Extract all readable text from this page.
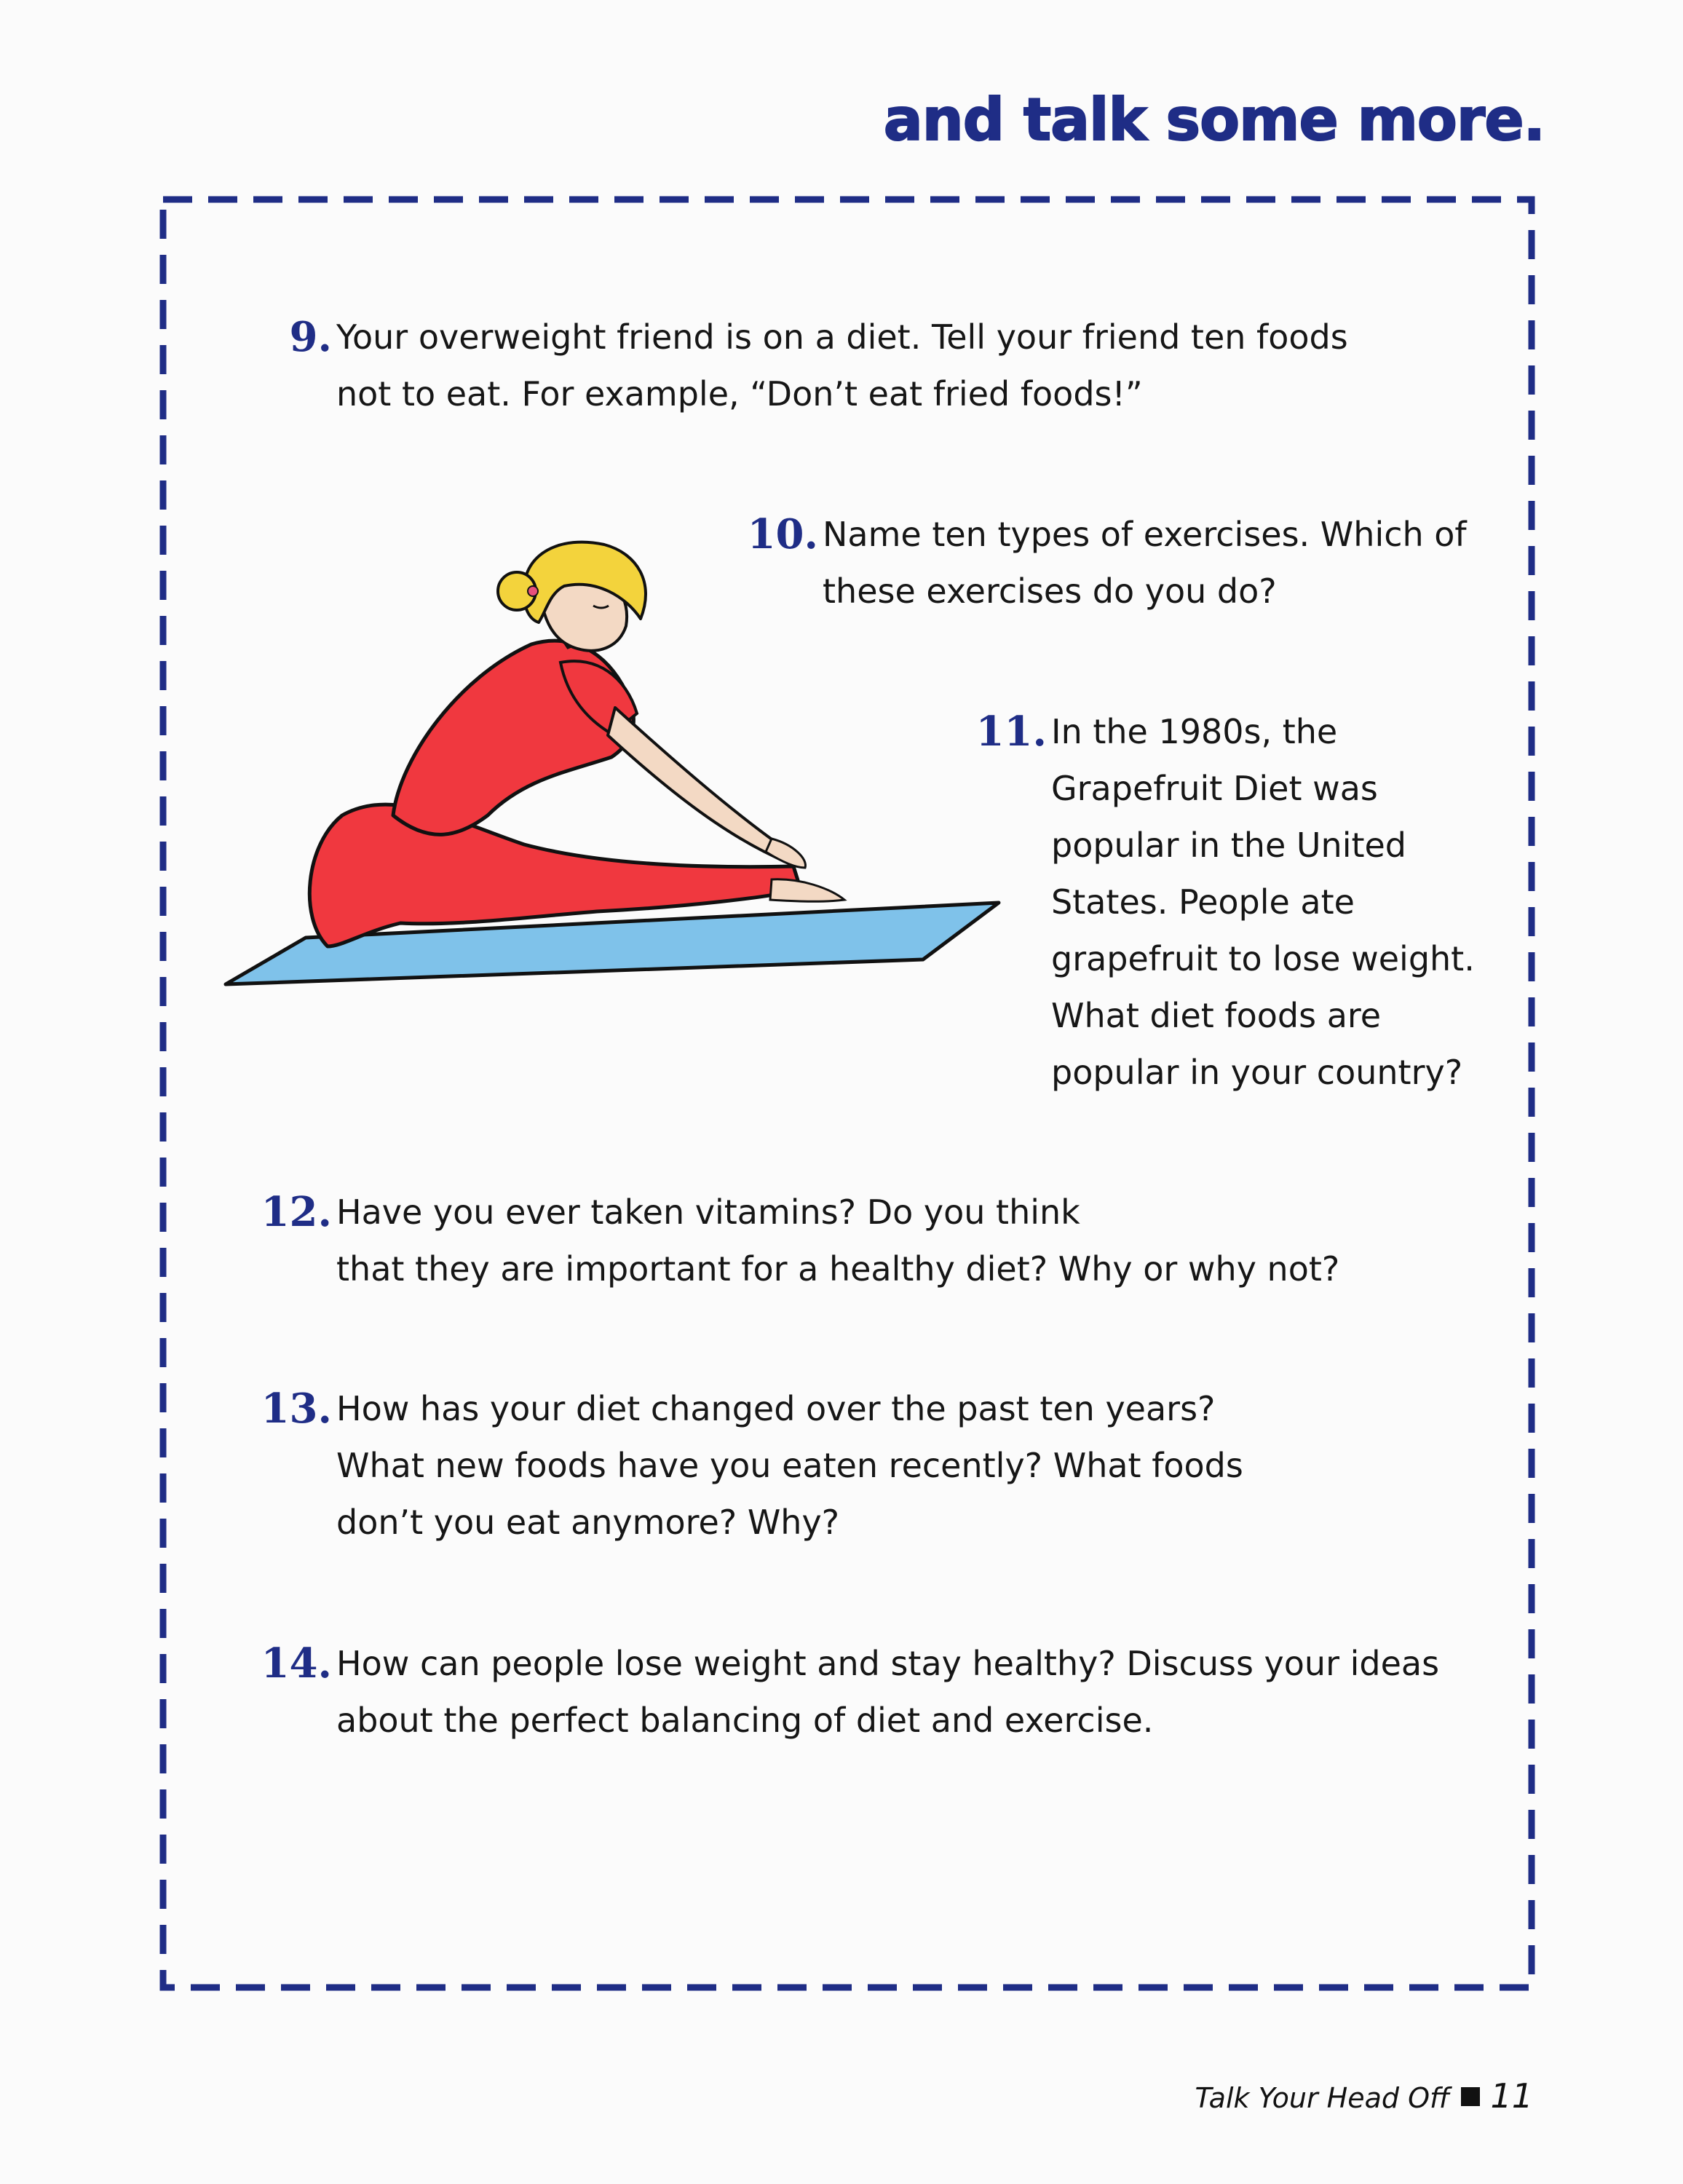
and talk some more.
9. Your overweight friend is on a diet. Tell your friend ten foods
not to eat. For example, “Don’t eat fried foods!”
10. Name ten types of exercises. Which of
these exercises do you do?
11. In the 1980s, the
Grapefruit Diet was
popular in the United
States. People ate
grapefruit to lose weight.
What diet foods are
popular in your country?
12. Have you ever taken vitamins? Do you think
that they are important for a healthy diet? Why or why not?
13. How has your diet changed over the past ten years?
What new foods have you eaten recently? What foods
don’t you eat anymore? Why?
14. How can people lose weight and stay healthy? Discuss your ideas
about the perfect balancing of diet and exercise.
Talk Your Head Off 11
